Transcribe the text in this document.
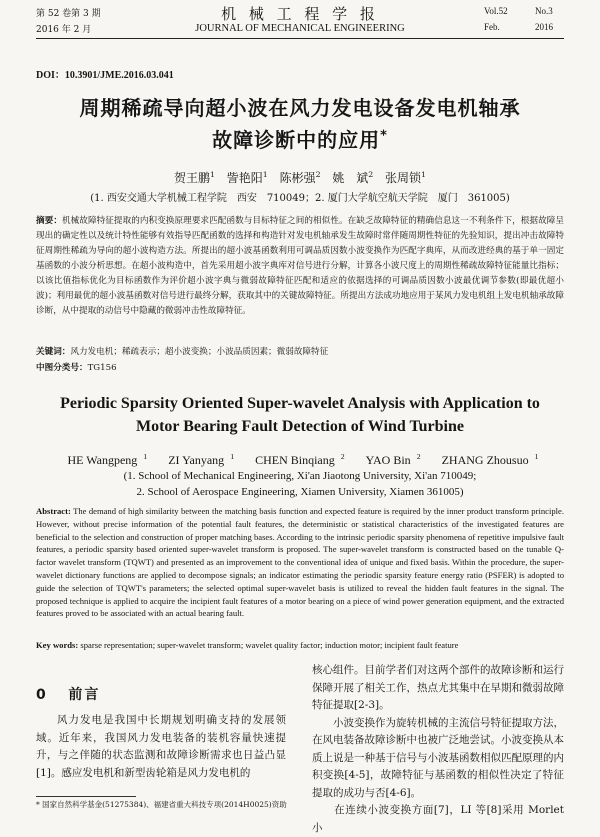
第 52 卷第 3 期
2016 年 2 月
机 械 工 程 学 报
JOURNAL OF MECHANICAL ENGINEERING
Vol.52	No.3
Feb.	2016
DOI：10.3901/JME.2016.03.041
周期稀疏导向超小波在风力发电设备发电机轴承
故障诊断中的应用*
贺王鹏$^1$ 訾艳阳$^1$ 陈彬强$^2$ 姚 斌$^2$ 张周锁$^1$
(1. 西安交通大学机械工程学院　西安　710049；2. 厦门大学航空航天学院　厦门　361005)
摘要：机械故障特征提取的内积变换原理要求匹配函数与目标特征之间的相似性。在缺乏故障特征的精确信息这一不利条件下，根据故障呈现出的确定性以及统计特性能够有效指导匹配函数的选择和构造针对发电机轴承发生故障时常伴随周期性特征的先验知识，提出冲击故障特征周期性稀疏为导向的超小波构造方法。所提出的超小波基函数利用可调品质因数小波变换作为匹配字典库，从而改进经典的基于单一固定基函数的小波分析思想。在超小波构造中，首先采用超小波字典库对信号进行分解，计算各小波尺度上的周期性稀疏故障特征能量比指标；以该比值指标优化为目标函数作为评价超小波字典与微弱故障特征匹配和适应的依据选择的可调品质因数小波最优调节参数(即最优超小波)；利用最优的超小波基函数对信号进行最终分解，获取其中的关键故障特征。所提出方法成功地应用于某风力发电机组上发电机轴承故障诊断，从中提取的动信号中隐藏的微弱冲击性故障特征。
关键词：风力发电机；稀疏表示；超小波变换；小波品质因素；微弱故障特征
中图分类号：TG156
Periodic Sparsity Oriented Super-wavelet Analysis with Application to
Motor Bearing Fault Detection of Wind Turbine
HE Wangpeng $^1$ ZI Yanyang $^1$ CHEN Binqiang $^2$ YAO Bin $^2$ ZHANG Zhousuo $^1$
(1. School of Mechanical Engineering, Xi'an Jiaotong University, Xi'an 710049;
2. School of Aerospace Engineering, Xiamen University, Xiamen 361005)
Abstract: The demand of high similarity between the matching basis function and expected feature is required by the inner product transform principle. However, without precise information of the potential fault features, the deterministic or statistical characteristics of the investigated features are beneficial to the selection and construction of proper matching bases. According to the intrinsic periodic sparsity phenomena of repetitive impulsive fault features, a periodic sparsity based oriented super-wavelet transform is proposed. The super-wavelet transform is constructed based on the tunable Q-factor wavelet transform (TQWT) and presented as an improvement to the conventional idea of unique and fixed basis. Within the procedure, the super-wavelet dictionary functions are applied to decompose signals; an indicator estimating the periodic sparsity feature energy ratio (PSFER) is adopted to guide the selection of TQWT's parameters; the selected optimal super-wavelet basis is utilized to reveal the hidden fault features in the signal. The proposed technique is applied to acquire the incipient fault features of a motor bearing on a piece of wind power generation equipment, and the extracted features proved to be associated with an actual bearing fault.
Key words: sparse representation; super-wavelet transform; wavelet quality factor; induction motor; incipient fault feature
0 前言
风力发电是我国中长期规划明确支持的发展领域。近年来，我国风力发电装备的装机容量快速提升，与之伴随的状态监测和故障诊断需求也日益凸显[1]。感应发电机和新型齿轮箱是风力发电机的
核心组件。目前学者们对这两个部件的故障诊断和运行保障开展了相关工作，热点尤其集中在早期和微弱故障特征提取[2-3]。
　　小波变换作为旋转机械的主流信号特征提取方法，在风电装备故障诊断中也被广泛地尝试。小波变换从本质上说是一种基于信号与小波基函数相似匹配原理的内积变换[4-5]，故障特征与基函数的相似性决定了特征提取的成功与否[4-6]。
　　在连续小波变换方面[7]，LI 等[8]采用 Morlet 小
* 国家自然科学基金(51275384)、福建省重大科技专项(2014H0025)资助
